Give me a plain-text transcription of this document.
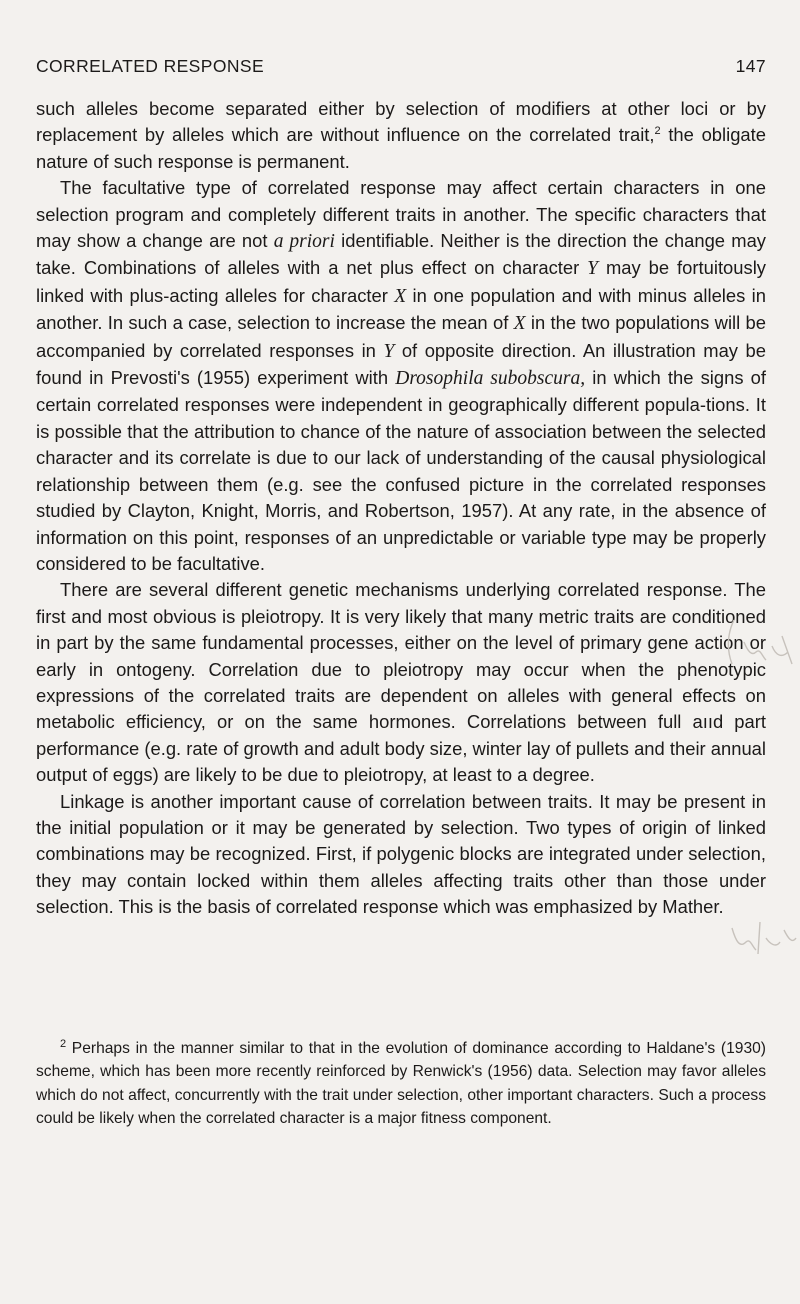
CORRELATED RESPONSE	147

such alleles become separated either by selection of modifiers at other loci or by replacement by alleles which are without influence on the correlated trait,$^2$ the obligate nature of such response is permanent.

The facultative type of correlated response may affect certain characters in one selection program and completely different traits in another. The specific characters that may show a change are not a priori identifiable. Neither is the direction the change may take. Combinations of alleles with a net plus effect on character Y may be fortuitously linked with plus-acting alleles for character X in one population and with minus alleles in another. In such a case, selection to increase the mean of X in the two populations will be accompanied by correlated responses in Y of opposite direction. An illustration may be found in Prevosti's (1955) experiment with Drosophila subobscura, in which the signs of certain correlated responses were independent in geographically different popula-tions. It is possible that the attribution to chance of the nature of association between the selected character and its correlate is due to our lack of understanding of the causal physiological relationship between them (e.g. see the confused picture in the correlated responses studied by Clayton, Knight, Morris, and Robertson, 1957). At any rate, in the absence of information on this point, responses of an unpredictable or variable type may be properly considered to be facultative.

There are several different genetic mechanisms underlying correlated response. The first and most obvious is pleiotropy. It is very likely that many metric traits are conditioned in part by the same fundamental processes, either on the level of primary gene action or early in ontogeny. Correlation due to pleiotropy may occur when the phenotypic expressions of the correlated traits are dependent on alleles with general effects on metabolic efficiency, or on the same hormones. Correlations between full aııd part performance (e.g. rate of growth and adult body size, winter lay of pullets and their annual output of eggs) are likely to be due to pleiotropy, at least to a degree.

Linkage is another important cause of correlation between traits. It may be present in the initial population or it may be generated by selection. Two types of origin of linked combinations may be recognized. First, if polygenic blocks are integrated under selection, they may contain locked within them alleles affecting traits other than those under selection. This is the basis of correlated response which was emphasized by Mather.

$^2$ Perhaps in the manner similar to that in the evolution of dominance according to Haldane's (1930) scheme, which has been more recently reinforced by Renwick's (1956) data. Selection may favor alleles which do not affect, concurrently with the trait under selection, other important characters. Such a process could be likely when the correlated character is a major fitness component.
